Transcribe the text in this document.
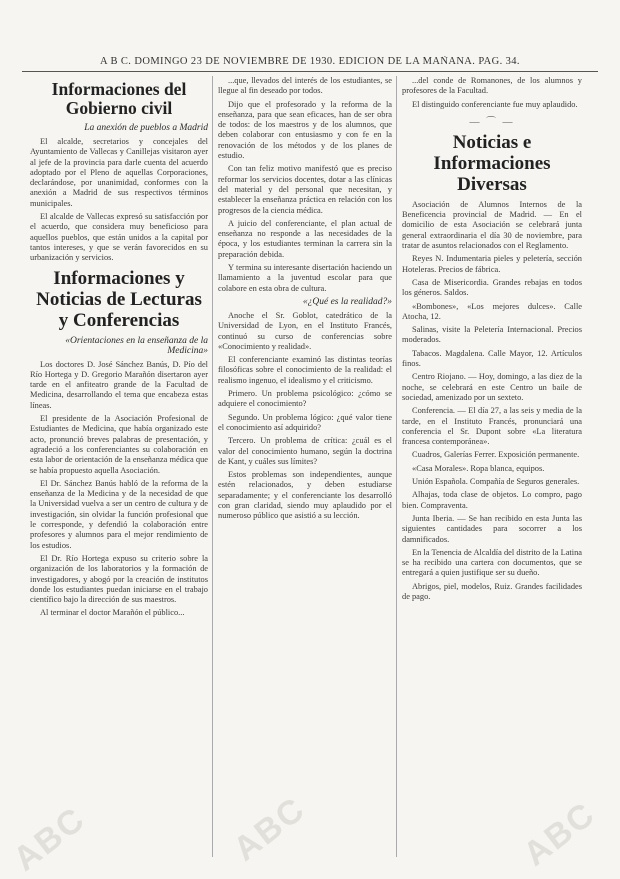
A B C. DOMINGO 23 DE NOVIEMBRE DE 1930. EDICION DE LA MAÑANA. PAG. 34.
Informaciones del Gobierno civil
La anexión de pueblos a Madrid

El alcalde, secretarios y concejales del Ayuntamiento de Vallecas y Canillejas visitaron ayer al jefe de la provincia para darle cuenta del acuerdo adoptado por el Pleno de aquellas Corporaciones, declarándose, por unanimidad, conformes con la anexión a Madrid de sus respectivos términos municipales.

El alcalde de Vallecas expresó su satisfacción por el acuerdo, que considera muy beneficioso para aquellos pueblos, que están unidos a la capital por tantos intereses, y que se verán favorecidos en su urbanización y servicios.

Informaciones y Noticias de Lecturas y Conferencias
«Orientaciones en la enseñanza de la Medicina»

Los doctores D. José Sánchez Banús, D. Pío del Río Hortega y D. Gregorio Marañón disertaron ayer tarde en el anfiteatro grande de la Facultad de Medicina, desarrollando el tema que encabeza estas líneas.

El presidente de la Asociación Profesional de Estudiantes de Medicina, que había organizado este acto, pronunció breves palabras de presentación, y agradeció a los conferenciantes su colaboración en esta labor de orientación de la enseñanza médica que se había propuesto aquella Asociación.

El Dr. Sánchez Banús habló de la reforma de la enseñanza de la Medicina y de la necesidad de que la Universidad vuelva a ser un centro de cultura y de investigación, sin olvidar la función profesional que le corresponde, y defendió la colaboración entre profesores y alumnos para el mejor rendimiento de los estudios.

El Dr. Río Hortega expuso su criterio sobre la organización de los laboratorios y la formación de investigadores, y abogó por la creación de institutos donde los estudiantes puedan iniciarse en el trabajo científico bajo la dirección de sus maestros.

Al terminar el doctor Marañón el público...

...que, llevados del interés de los estudiantes, se llegue al fin deseado por todos.

Dijo que el profesorado y la reforma de la enseñanza, para que sean eficaces, han de ser obra de todos: de los maestros y de los alumnos, que deben colaborar con entusiasmo y con fe en la renovación de los métodos y de los planes de estudio.

Con tan feliz motivo manifestó que es preciso reformar los servicios docentes, dotar a las clínicas del material y del personal que necesitan, y establecer la enseñanza práctica en relación con los progresos de la ciencia médica.

A juicio del conferenciante, el plan actual de enseñanza no responde a las necesidades de la época, y los estudiantes terminan la carrera sin la preparación debida.

Y termina su interesante disertación haciendo un llamamiento a la juventud escolar para que colabore en esta obra de cultura.

«¿Qué es la realidad?»

Anoche el Sr. Goblot, catedrático de la Universidad de Lyon, en el Instituto Francés, continuó su curso de conferencias sobre «Conocimiento y realidad».

El conferenciante examinó las distintas teorías filosóficas sobre el conocimiento de la realidad: el realismo ingenuo, el idealismo y el criticismo.

Primero. Un problema psicológico: ¿cómo se adquiere el conocimiento?

Segundo. Un problema lógico: ¿qué valor tiene el conocimiento así adquirido?

Tercero. Un problema de crítica: ¿cuál es el valor del conocimiento humano, según la doctrina de Kant, y cuáles sus límites?

Estos problemas son independientes, aunque estén relacionados, y deben estudiarse separadamente; y el conferenciante los desarrolló con gran claridad, siendo muy aplaudido por el numeroso público que asistió a su lección.

...del conde de Romanones, de los alumnos y profesores de la Facultad.

El distinguido conferenciante fue muy aplaudido.

— ⌒ —
Noticias e Informaciones Diversas

Asociación de Alumnos Internos de la Beneficencia provincial de Madrid. — En el domicilio de esta Asociación se celebrará junta general extraordinaria el día 30 de noviembre, para tratar de asuntos relacionados con el Reglamento.

Reyes N. Indumentaria pieles y peletería, sección Hoteleras. Precios de fábrica.

Casa de Misericordia. Grandes rebajas en todos los géneros. Saldos.

«Bombones», «Los mejores dulces». Calle Atocha, 12.

Salinas, visite la Peletería Internacional. Precios moderados.

Tabacos. Magdalena. Calle Mayor, 12. Artículos finos.

Centro Riojano. — Hoy, domingo, a las diez de la noche, se celebrará en este Centro un baile de sociedad, amenizado por un sexteto.

Conferencia. — El día 27, a las seis y media de la tarde, en el Instituto Francés, pronunciará una conferencia el Sr. Dupont sobre «La literatura francesa contemporánea».

Cuadros, Galerías Ferrer. Exposición permanente.

«Casa Morales». Ropa blanca, equipos.

Unión Española. Compañía de Seguros generales.

Alhajas, toda clase de objetos. Lo compro, pago bien. Compraventa.

Junta Iberia. — Se han recibido en esta Junta las siguientes cantidades para socorrer a los damnificados.

En la Tenencia de Alcaldía del distrito de la Latina se ha recibido una cartera con documentos, que se entregará a quien justifique ser su dueño.

Abrigos, piel, modelos, Ruiz. Grandes facilidades de pago.

ABC	ABC	ABC
